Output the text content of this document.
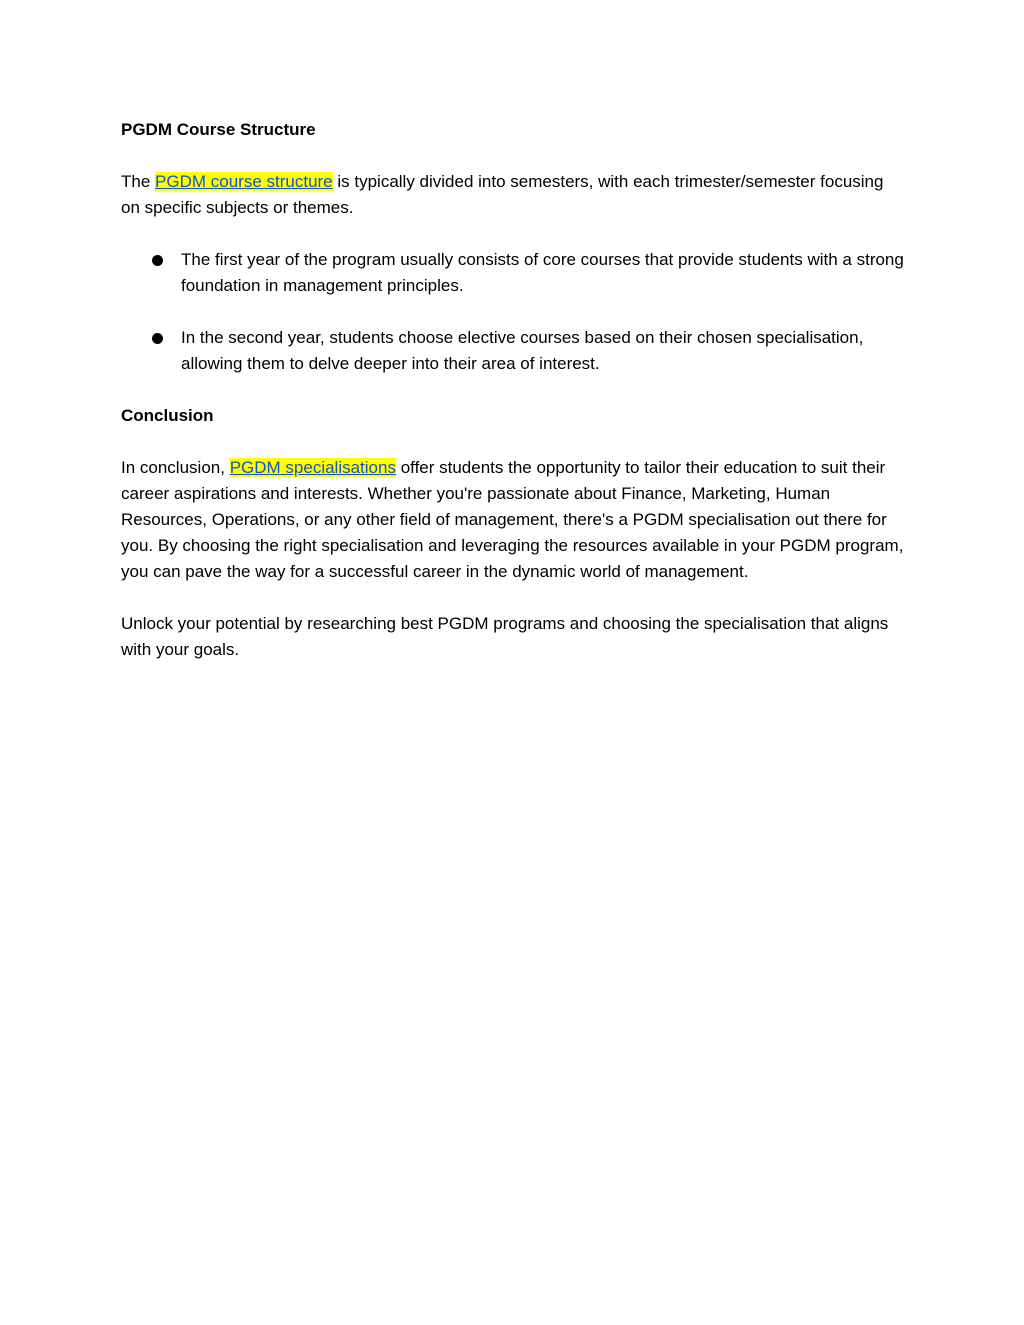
PGDM Course Structure

The PGDM course structure is typically divided into semesters, with each trimester/semester focusing on specific subjects or themes.

The first year of the program usually consists of core courses that provide students with a strong foundation in management principles.
In the second year, students choose elective courses based on their chosen specialisation, allowing them to delve deeper into their area of interest.
Conclusion

In conclusion, PGDM specialisations offer students the opportunity to tailor their education to suit their career aspirations and interests. Whether you're passionate about Finance, Marketing, Human Resources, Operations, or any other field of management, there's a PGDM specialisation out there for you. By choosing the right specialisation and leveraging the resources available in your PGDM program, you can pave the way for a successful career in the dynamic world of management.

Unlock your potential by researching best PGDM programs and choosing the specialisation that aligns with your goals.
